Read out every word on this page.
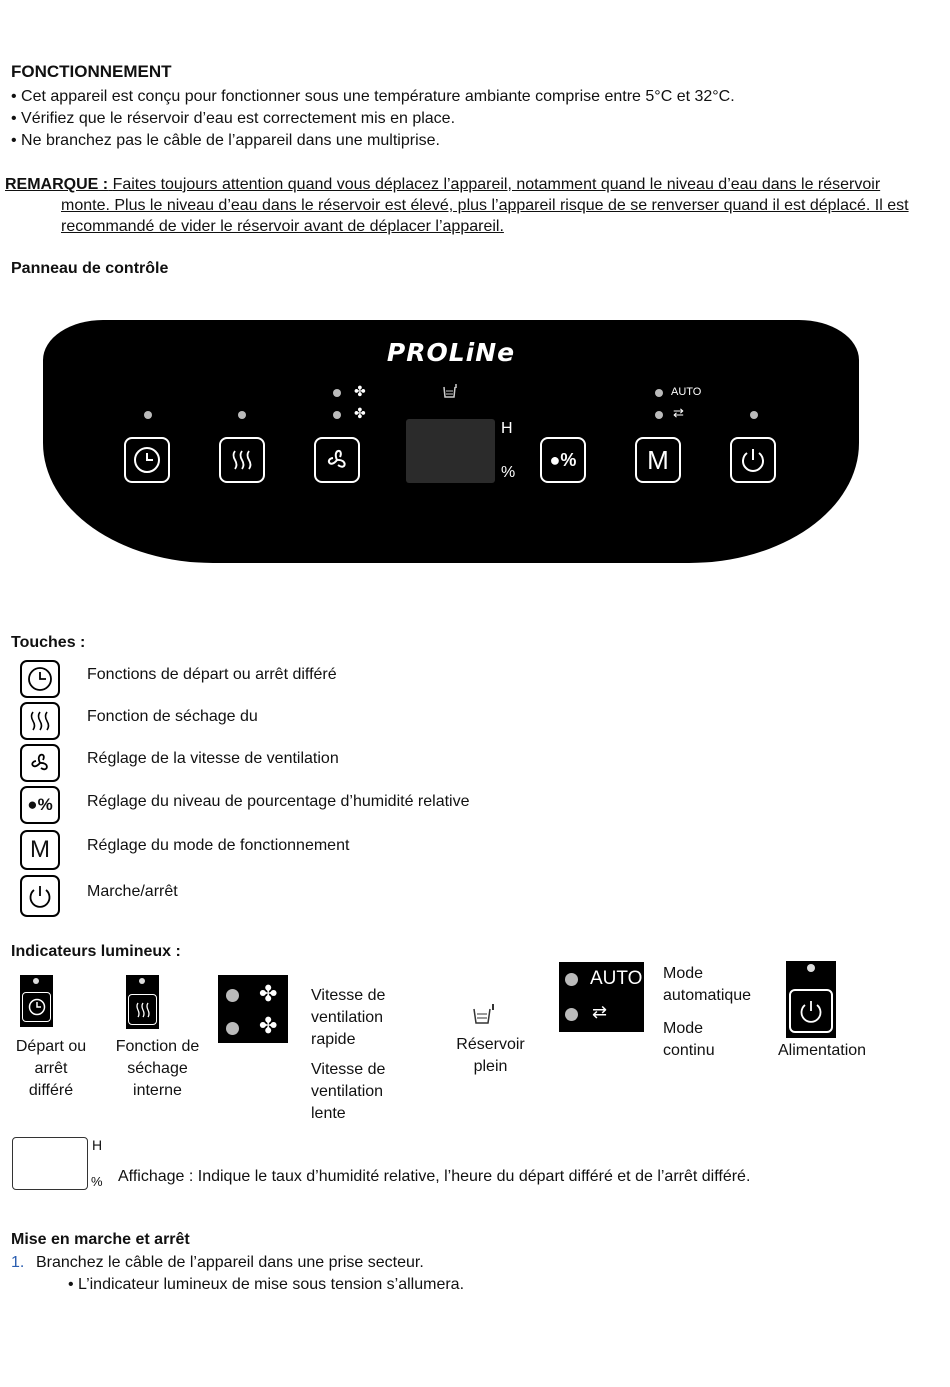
FONCTIONNEMENT
• Cet appareil est conçu pour fonctionner sous une température ambiante comprise entre 5°C et 32°C.
• Vérifiez que le réservoir d’eau est correctement mis en place.
• Ne branchez pas le câble de l’appareil dans une multiprise.
REMARQUE : Faites toujours attention quand vous déplacez l’appareil, notamment quand le niveau d’eau dans le réservoir
monte. Plus le niveau d’eau dans le réservoir est élevé, plus l’appareil risque de se renverser quand il est déplacé. Il est
recommandé de vider le réservoir avant de déplacer l’appareil.
Panneau de contrôle
PROLiNe
✤
✤
AUTO
⇄
H
%
●%	M
Touches :
Fonctions de départ ou arrêt différé
Fonction de séchage du
Réglage de la vitesse de ventilation
●% Réglage du niveau de pourcentage d’humidité relative
M Réglage du mode de fonctionnement
Marche/arrêt
Indicateurs lumineux :
Départ ou
arrêt
différé
Fonction de
séchage
interne
✤
✤
Vitesse de
ventilation
rapide
Vitesse de
ventilation
lente
Réservoir
plein
AUTO
⇄
Mode
automatique
Mode
continu	Alimentation
H
% Affichage : Indique le taux d’humidité relative, l’heure du départ différé et de l’arrêt différé.
Mise en marche et arrêt
1. Branchez le câble de l’appareil dans une prise secteur.
• L’indicateur lumineux de mise sous tension s’allumera.
